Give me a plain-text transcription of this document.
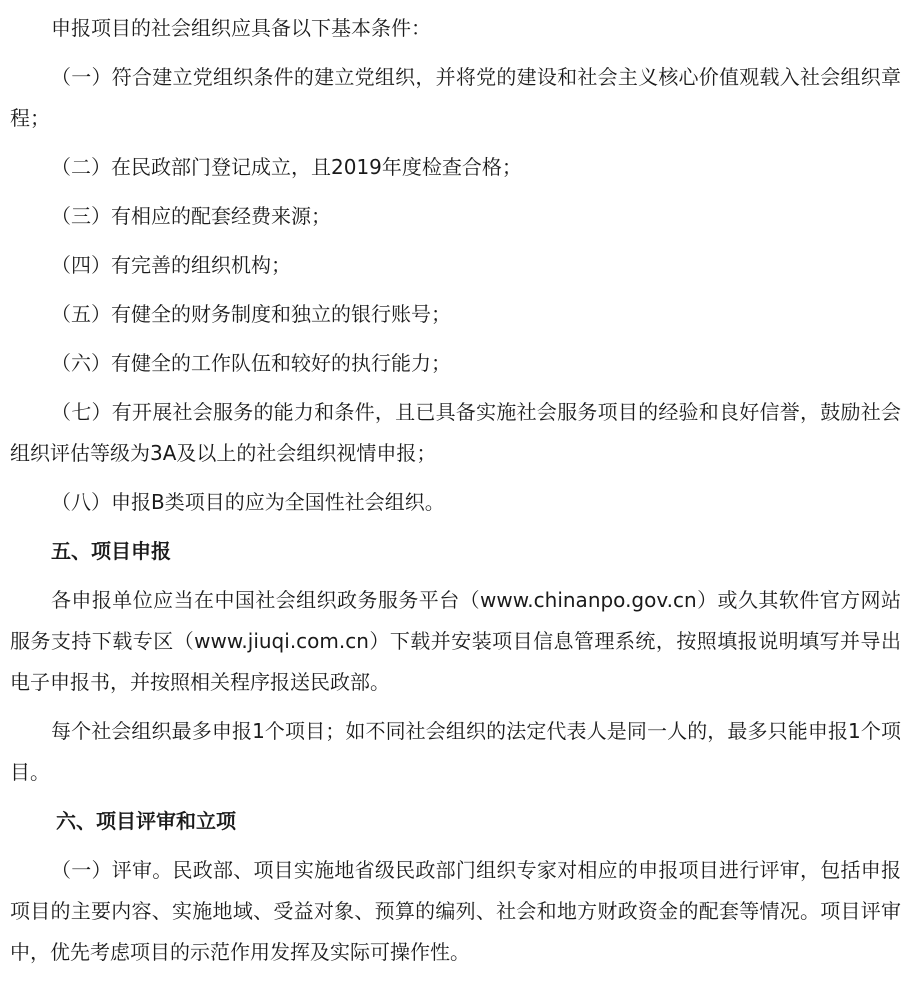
申报项目的社会组织应具备以下基本条件：

（一）符合建立党组织条件的建立党组织，并将党的建设和社会主义核心价值观载入社会组织章程；

（二）在民政部门登记成立，且2019年度检查合格；

（三）有相应的配套经费来源；

（四）有完善的组织机构；

（五）有健全的财务制度和独立的银行账号；

（六）有健全的工作队伍和较好的执行能力；

（七）有开展社会服务的能力和条件，且已具备实施社会服务项目的经验和良好信誉，鼓励社会组织评估等级为3A及以上的社会组织视情申报；

（八）申报B类项目的应为全国性社会组织。

五、项目申报

各申报单位应当在中国社会组织政务服务平台（www.chinanpo.gov.cn）或久其软件官方网站服务支持下载专区（www.jiuqi.com.cn）下载并安装项目信息管理系统，按照填报说明填写并导出电子申报书，并按照相关程序报送民政部。

每个社会组织最多申报1个项目；如不同社会组织的法定代表人是同一人的，最多只能申报1个项目。

六、项目评审和立项

（一）评审。民政部、项目实施地省级民政部门组织专家对相应的申报项目进行评审，包括申报项目的主要内容、实施地域、受益对象、预算的编列、社会和地方财政资金的配套等情况。项目评审中，优先考虑项目的示范作用发挥及实际可操作性。
